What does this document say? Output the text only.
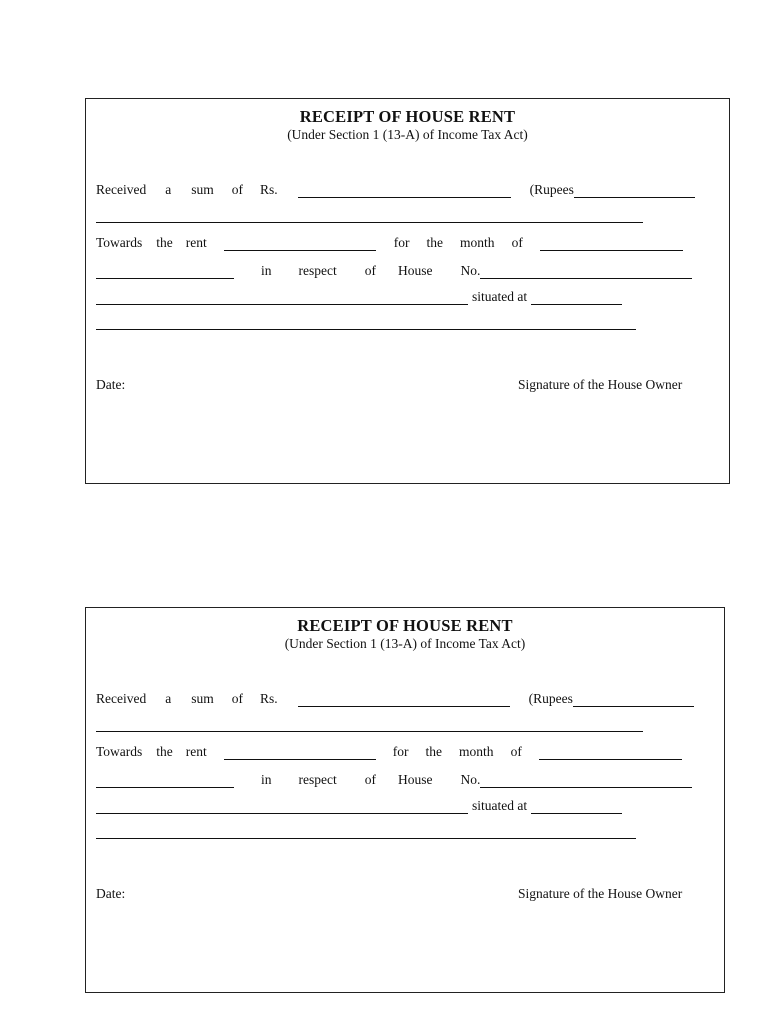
RECEIPT OF HOUSE RENT
(Under Section 1 (13-A) of Income Tax Act)
Received a sum of Rs.	(Rupees
Towards the rent	for the month of
in respect of House No.
situated at
Date:	Signature of the House Owner
RECEIPT OF HOUSE RENT
(Under Section 1 (13-A) of Income Tax Act)
Received a sum of Rs.	(Rupees
Towards the rent	for the month of
in respect of House No.
situated at
Date:	Signature of the House Owner
